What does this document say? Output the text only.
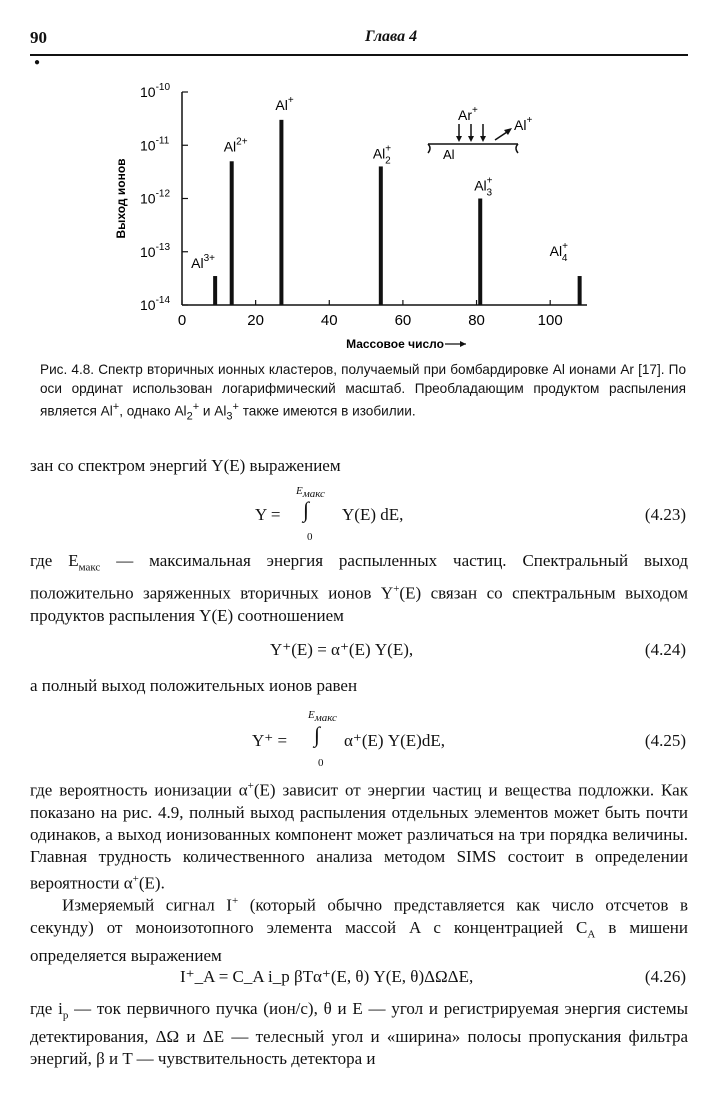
90	Глава 4
●
$10^{-14}$
$10^{-13}$
$10^{-12}$
$10^{-11}$
$10^{-10}$
0	20	40	60	80	100
Выход ионов
Массовое число
$Al^{3+}$
$Al^{2+}$
Al+
Al+ 2
Al+ 3
Al+ 4
Ar+
Al+
Al
Рис. 4.8. Спектр вторичных ионных кластеров, получаемый при бомбардировке Al ионами Ar [17]. По оси ординат использован логарифмический масштаб. Преобладающим продуктом распыления является Al+, однако $Al_2^+$ и $Al_3^+$ также имеются в изобилии.

зан со спектром энергий Y(E) выражением

Y =
$E_{макс}$
∫
0
Y(E) dE,	(4.23)

где $E_{макс}$ — максимальная энергия распыленных частиц. Спектральный выход положительно заряженных вторичных ионов Y+(E) связан со спектральным выходом продуктов распыления Y(E) соотношением

Y⁺(E) = α⁺(E) Y(E),	(4.24)

а полный выход положительных ионов равен

Y⁺ =
$E_{макс}$
∫
0
α⁺(E) Y(E)dE,	(4.25)

где вероятность ионизации α+(E) зависит от энергии частиц и вещества подложки. Как показано на рис. 4.9, полный выход распыления отдельных элементов может быть почти одинаков, а выход ионизованных компонент может различаться на три порядка величины. Главная трудность количественного анализа методом SIMS состоит в определении вероятности α+(E).

Измеряемый сигнал I+ (который обычно представляется как число отсчетов в секунду) от моноизотопного элемента массой A с концентрацией $C_A$ в мишени определяется выражением

I⁺_A = C_A i_p βTα⁺(E, θ) Y(E, θ)ΔΩΔE,	(4.26)

где $i_p$ — ток первичного пучка (ион/с), θ и E — угол и регистрируемая энергия системы детектирования, ΔΩ и ΔE — телесный угол и «ширина» полосы пропускания фильтра энергий, β и T — чувствительность детектора и
